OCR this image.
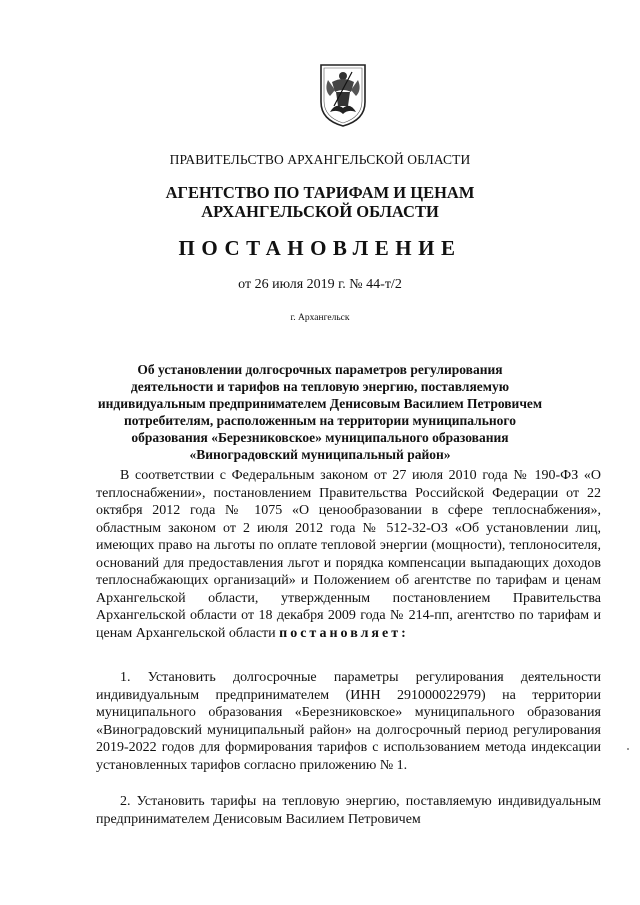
ПРАВИТЕЛЬСТВО АРХАНГЕЛЬСКОЙ ОБЛАСТИ
АГЕНТСТВО ПО ТАРИФАМ И ЦЕНАМ
АРХАНГЕЛЬСКОЙ ОБЛАСТИ
ПОСТАНОВЛЕНИЕ
от 26 июля 2019 г. № 44-т/2
г. Архангельск
Об установлении долгосрочных параметров регулирования
деятельности и тарифов на тепловую энергию, поставляемую
индивидуальным предпринимателем Денисовым Василием Петровичем
потребителям, расположенным на территории муниципального
образования «Березниковское» муниципального образования
«Виноградовский муниципальный район»

В соответствии с Федеральным законом от 27 июля 2010 года № 190-ФЗ «О теплоснабжении», постановлением Правительства Российской Федерации от 22 октября 2012 года № 1075 «О ценообразовании в сфере теплоснабжения», областным законом от 2 июля 2012 года № 512-32-ОЗ «Об установлении лиц, имеющих право на льготы по оплате тепловой энергии (мощности), теплоносителя, оснований для предоставления льгот и порядка компенсации выпадающих доходов теплоснабжающих организаций» и Положением об агентстве по тарифам и ценам Архангельской области, утвержденным постановлением Правительства Архангельской области от 18 декабря 2009 года № 214-пп, агентство по тарифам и ценам Архангельской области постановляет:

1. Установить долгосрочные параметры регулирования деятельности индивидуальным предпринимателем (ИНН 291000022979) на территории муниципального образования «Березниковское» муниципального образования «Виноградовский муниципальный район» на долгосрочный период регулирования 2019-2022 годов для формирования тарифов с использованием метода индексации установленных тарифов согласно приложению № 1.

2. Установить тарифы на тепловую энергию, поставляемую индивидуальным предпринимателем Денисовым Василием Петровичем
